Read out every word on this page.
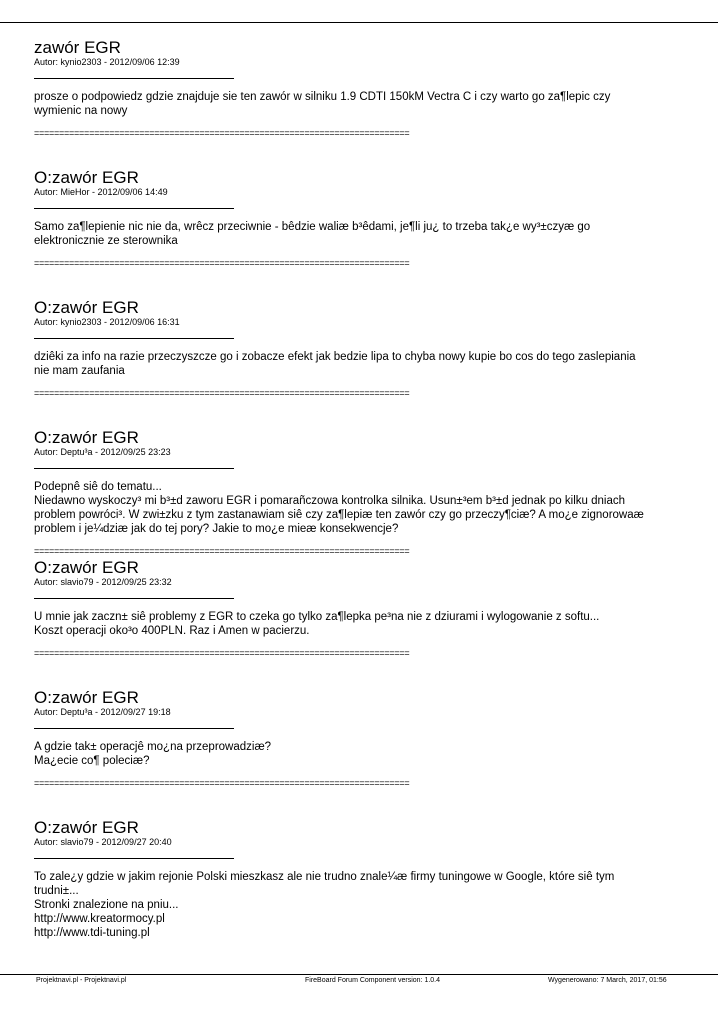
zawór EGR
Autor: kynio2303 - 2012/09/06 12:39
prosze o podpowiedz gdzie znajduje sie ten zawór w silniku 1.9 CDTI 150kM Vectra C i czy warto go za¶lepic czy
wymienic na nowy
===========================================================================
O:zawór EGR
Autor: MieHor - 2012/09/06 14:49
Samo za¶lepienie nic nie da, wrêcz przeciwnie - bêdzie waliæ b³êdami, je¶li ju¿ to trzeba tak¿e wy³±czyæ go
elektronicznie ze sterownika
===========================================================================
O:zawór EGR
Autor: kynio2303 - 2012/09/06 16:31
dziêki za info na razie przeczyszcze go i zobacze efekt jak bedzie lipa to chyba nowy kupie bo cos do tego zaslepiania
nie mam zaufania
===========================================================================
O:zawór EGR
Autor: Deptu³a - 2012/09/25 23:23
Podepnê siê do tematu...
Niedawno wyskoczy³ mi b³±d zaworu EGR i pomarañczowa kontrolka silnika. Usun±³em b³±d jednak po kilku dniach
problem powróci³. W zwi±zku z tym zastanawiam siê czy za¶lepiæ ten zawór czy go przeczy¶ciæ? A mo¿e zignorowaæ
problem i je¼dziæ jak do tej pory? Jakie to mo¿e mieæ konsekwencje?
===========================================================================
O:zawór EGR
Autor: slavio79 - 2012/09/25 23:32
U mnie jak zaczn± siê problemy z EGR to czeka go tylko za¶lepka pe³na nie z dziurami i wylogowanie z softu...
Koszt operacji oko³o 400PLN. Raz i Amen w pacierzu.
===========================================================================
O:zawór EGR
Autor: Deptu³a - 2012/09/27 19:18
A gdzie tak± operacjê mo¿na przeprowadziæ?
Ma¿ecie co¶ poleciæ?
===========================================================================
O:zawór EGR
Autor: slavio79 - 2012/09/27 20:40
To zale¿y gdzie w jakim rejonie Polski mieszkasz ale nie trudno znale¼æ firmy tuningowe w Google, które siê tym
trudni±...
Stronki znalezione na pniu...
http://www.kreatormocy.pl
http://www.tdi-tuning.pl
Projektnavi.pl - Projektnavi.pl	FireBoard Forum Component version: 1.0.4	Wygenerowano: 7 March, 2017, 01:56
